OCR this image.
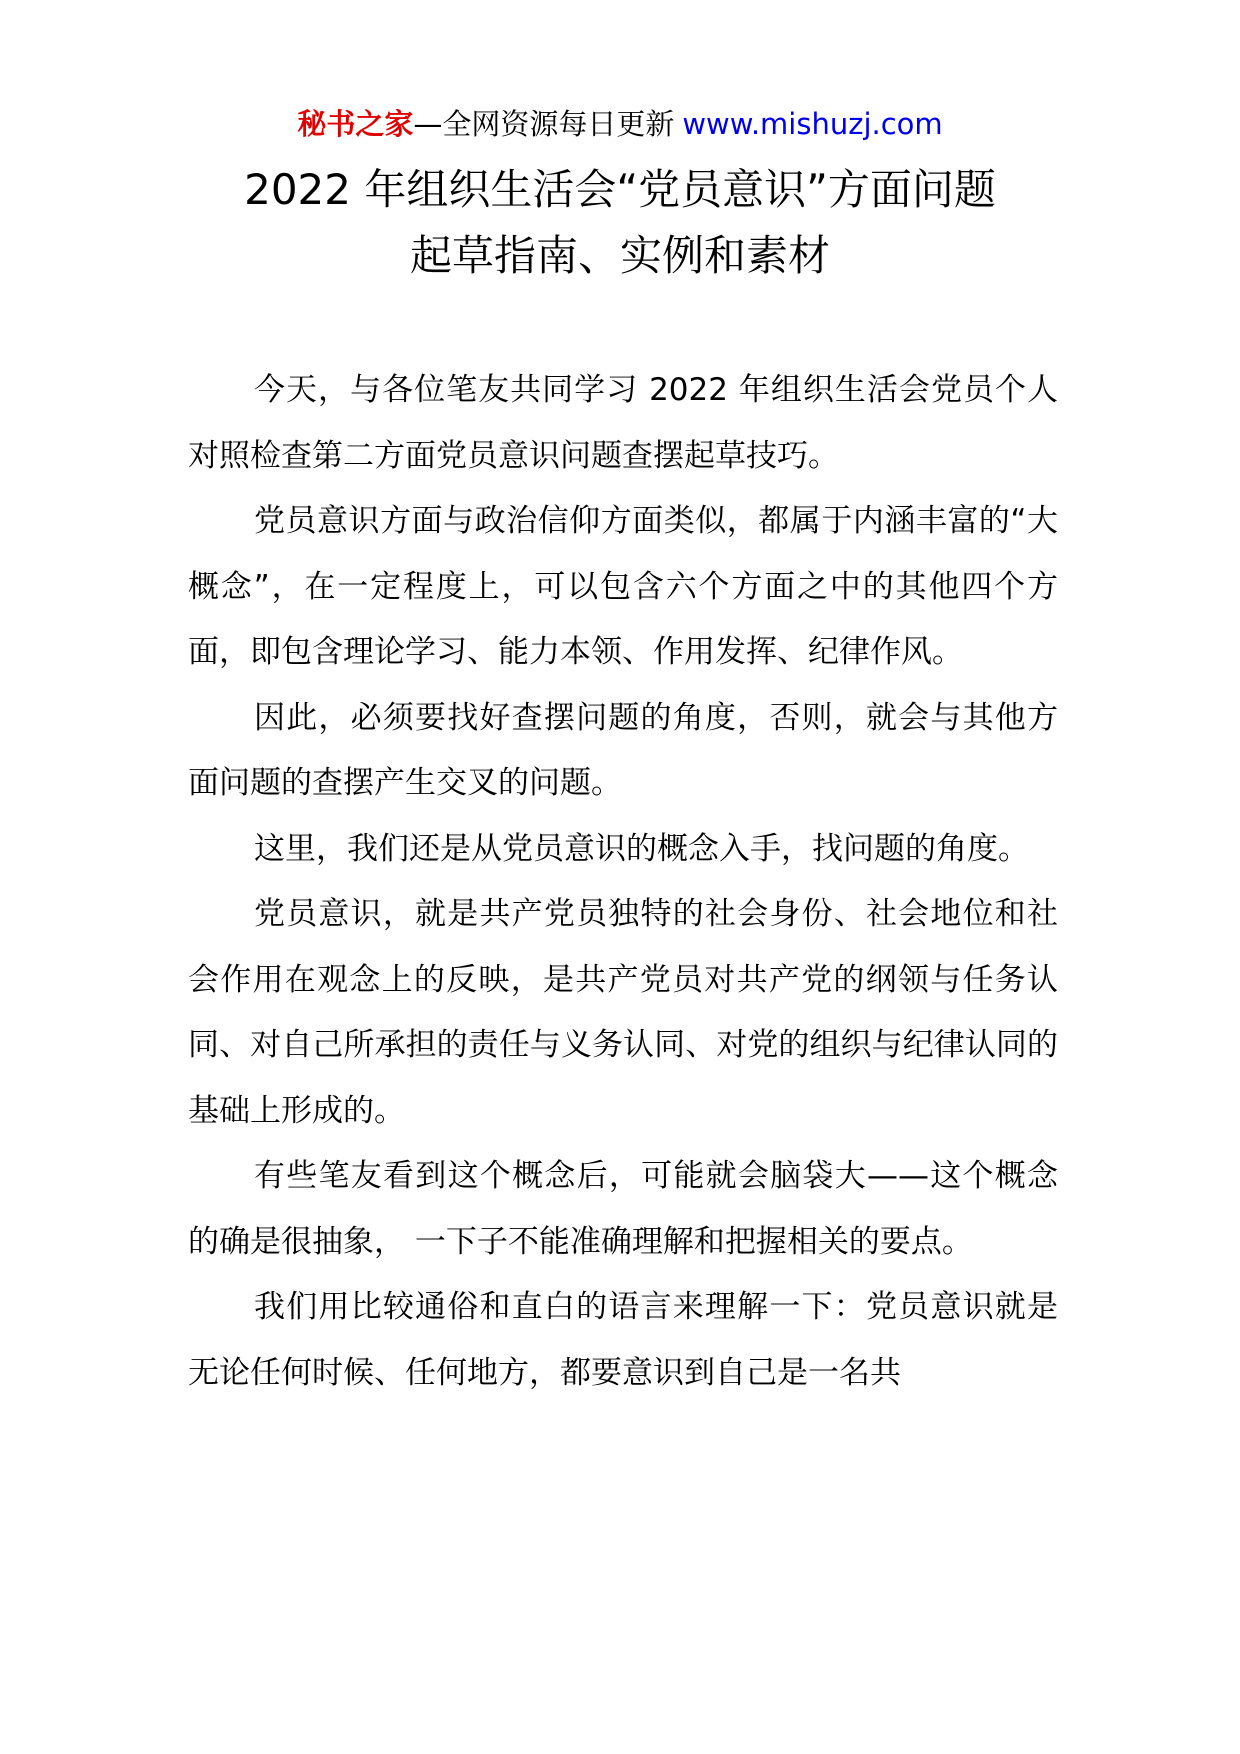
秘书之家—全网资源每日更新 www.mishuzj.com
2022 年组织生活会“党员意识”方面问题
起草指南、实例和素材

今天，与各位笔友共同学习 2022 年组织生活会党员个人对照检查第二方面党员意识问题查摆起草技巧。

党员意识方面与政治信仰方面类似，都属于内涵丰富的“大概念”，在一定程度上，可以包含六个方面之中的其他四个方面，即包含理论学习、能力本领、作用发挥、纪律作风。

因此，必须要找好查摆问题的角度，否则，就会与其他方面问题的查摆产生交叉的问题。

这里，我们还是从党员意识的概念入手，找问题的角度。

党员意识，就是共产党员独特的社会身份、社会地位和社会作用在观念上的反映，是共产党员对共产党的纲领与任务认同、对自己所承担的责任与义务认同、对党的组织与纪律认同的基础上形成的。

有些笔友看到这个概念后，可能就会脑袋大——这个概念的确是很抽象， 一下子不能准确理解和把握相关的要点。

我们用比较通俗和直白的语言来理解一下：党员意识就是无论任何时候、任何地方，都要意识到自己是一名共
